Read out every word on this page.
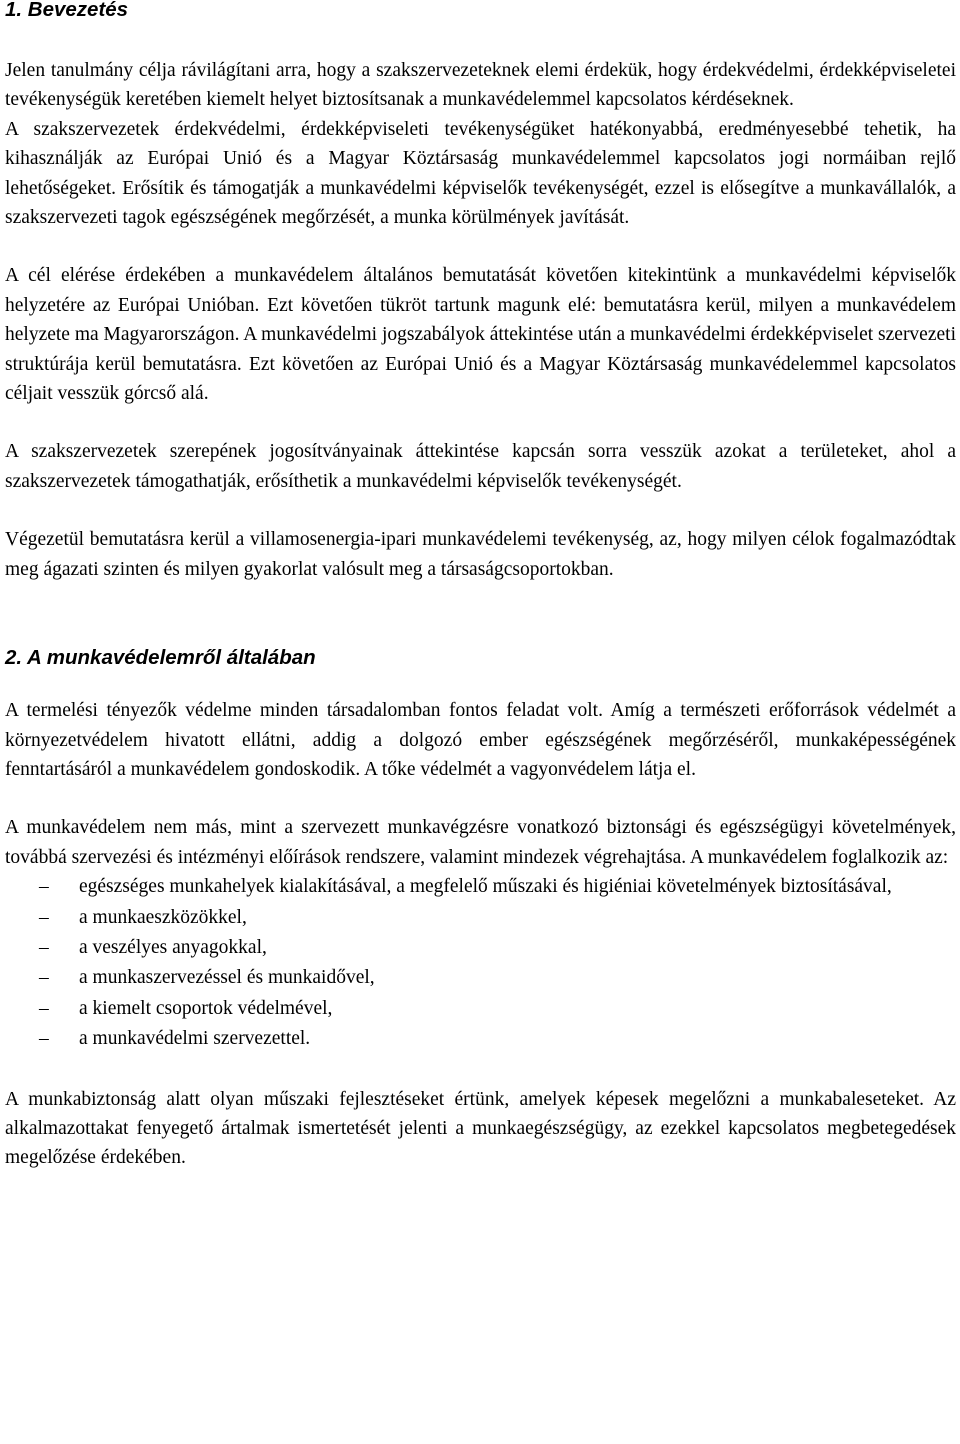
1. Bevezetés

Jelen tanulmány célja rávilágítani arra, hogy a szakszervezeteknek elemi érdekük, hogy érdekvédelmi, érdekképviseletei tevékenységük keretében kiemelt helyet biztosítsanak a munkavédelemmel kapcsolatos kérdéseknek.

A szakszervezetek érdekvédelmi, érdekképviseleti tevékenységüket hatékonyabbá, eredményesebbé tehetik, ha kihasználják az Európai Unió és a Magyar Köztársaság munkavédelemmel kapcsolatos jogi normáiban rejlő lehetőségeket. Erősítik és támogatják a munkavédelmi képviselők tevékenységét, ezzel is elősegítve a munkavállalók, a szakszervezeti tagok egészségének megőrzését, a munka körülmények javítását.

A cél elérése érdekében a munkavédelem általános bemutatását követően kitekintünk a munkavédelmi képviselők helyzetére az Európai Unióban. Ezt követően tükröt tartunk magunk elé: bemutatásra kerül, milyen a munkavédelem helyzete ma Magyarországon. A munkavédelmi jogszabályok áttekintése után a munkavédelmi érdekképviselet szervezeti struktúrája kerül bemutatásra. Ezt követően az Európai Unió és a Magyar Köztársaság munkavédelemmel kapcsolatos céljait vesszük górcső alá.

A szakszervezetek szerepének jogosítványainak áttekintése kapcsán sorra vesszük azokat a területeket, ahol a szakszervezetek támogathatják, erősíthetik a munkavédelmi képviselők tevékenységét.

Végezetül bemutatásra kerül a villamosenergia-ipari munkavédelemi tevékenység, az, hogy milyen célok fogalmazódtak meg ágazati szinten és milyen gyakorlat valósult meg a társaságcsoportokban.

2. A munkavédelemről általában

A termelési tényezők védelme minden társadalomban fontos feladat volt. Amíg a természeti erőforrások védelmét a környezetvédelem hivatott ellátni, addig a dolgozó ember egészségének megőrzéséről, munkaképességének fenntartásáról a munkavédelem gondoskodik. A tőke védelmét a vagyonvédelem látja el.

A munkavédelem nem más, mint a szervezett munkavégzésre vonatkozó biztonsági és egészségügyi követelmények, továbbá szervezési és intézményi előírások rendszere, valamint mindezek végrehajtása. A munkavédelem foglalkozik az:

– egészséges munkahelyek kialakításával, a megfelelő műszaki és higiéniai követelmények biztosításával,
– a munkaeszközökkel,
– a veszélyes anyagokkal,
– a munkaszervezéssel és munkaidővel,
– a kiemelt csoportok védelmével,
– a munkavédelmi szervezettel.

A munkabiztonság alatt olyan műszaki fejlesztéseket értünk, amelyek képesek megelőzni a munkabaleseteket. Az alkalmazottakat fenyegető ártalmak ismertetését jelenti a munkaegészségügy, az ezekkel kapcsolatos megbetegedések megelőzése érdekében.
